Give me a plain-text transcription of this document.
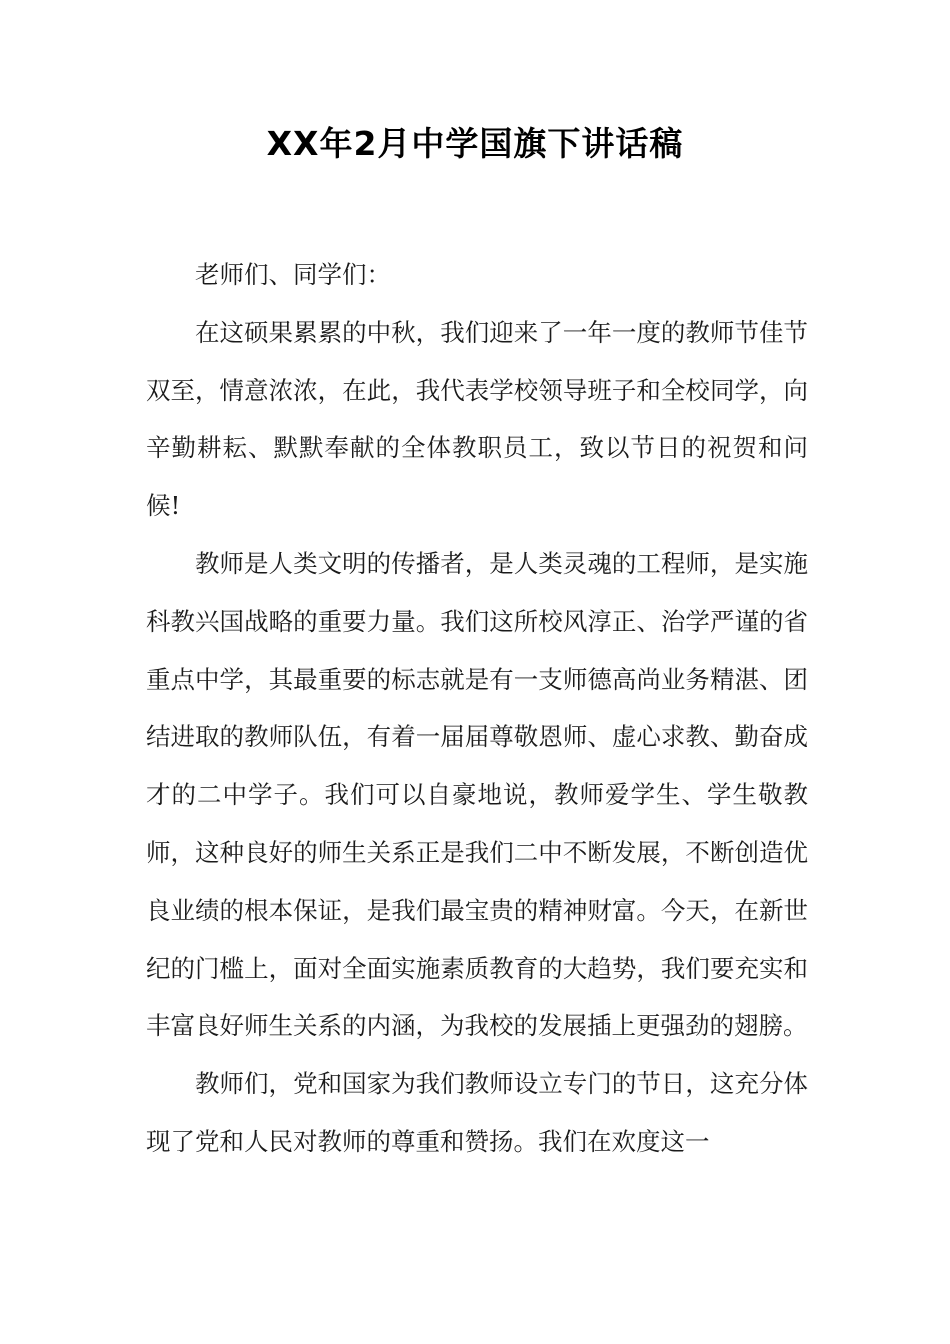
XX年2月中学国旗下讲话稿

老师们、同学们：

在这硕果累累的中秋，我们迎来了一年一度的教师节佳节双至，情意浓浓，在此，我代表学校领导班子和全校同学，向辛勤耕耘、默默奉献的全体教职员工，致以节日的祝贺和问候!

教师是人类文明的传播者，是人类灵魂的工程师，是实施科教兴国战略的重要力量。我们这所校风淳正、治学严谨的省重点中学，其最重要的标志就是有一支师德高尚业务精湛、团结进取的教师队伍，有着一届届尊敬恩师、虚心求教、勤奋成才的二中学子。我们可以自豪地说，教师爱学生、学生敬教师，这种良好的师生关系正是我们二中不断发展，不断创造优良业绩的根本保证，是我们最宝贵的精神财富。今天，在新世纪的门槛上，面对全面实施素质教育的大趋势，我们要充实和丰富良好师生关系的内涵，为我校的发展插上更强劲的翅膀。

教师们，党和国家为我们教师设立专门的节日，这充分体现了党和人民对教师的尊重和赞扬。我们在欢度这一
